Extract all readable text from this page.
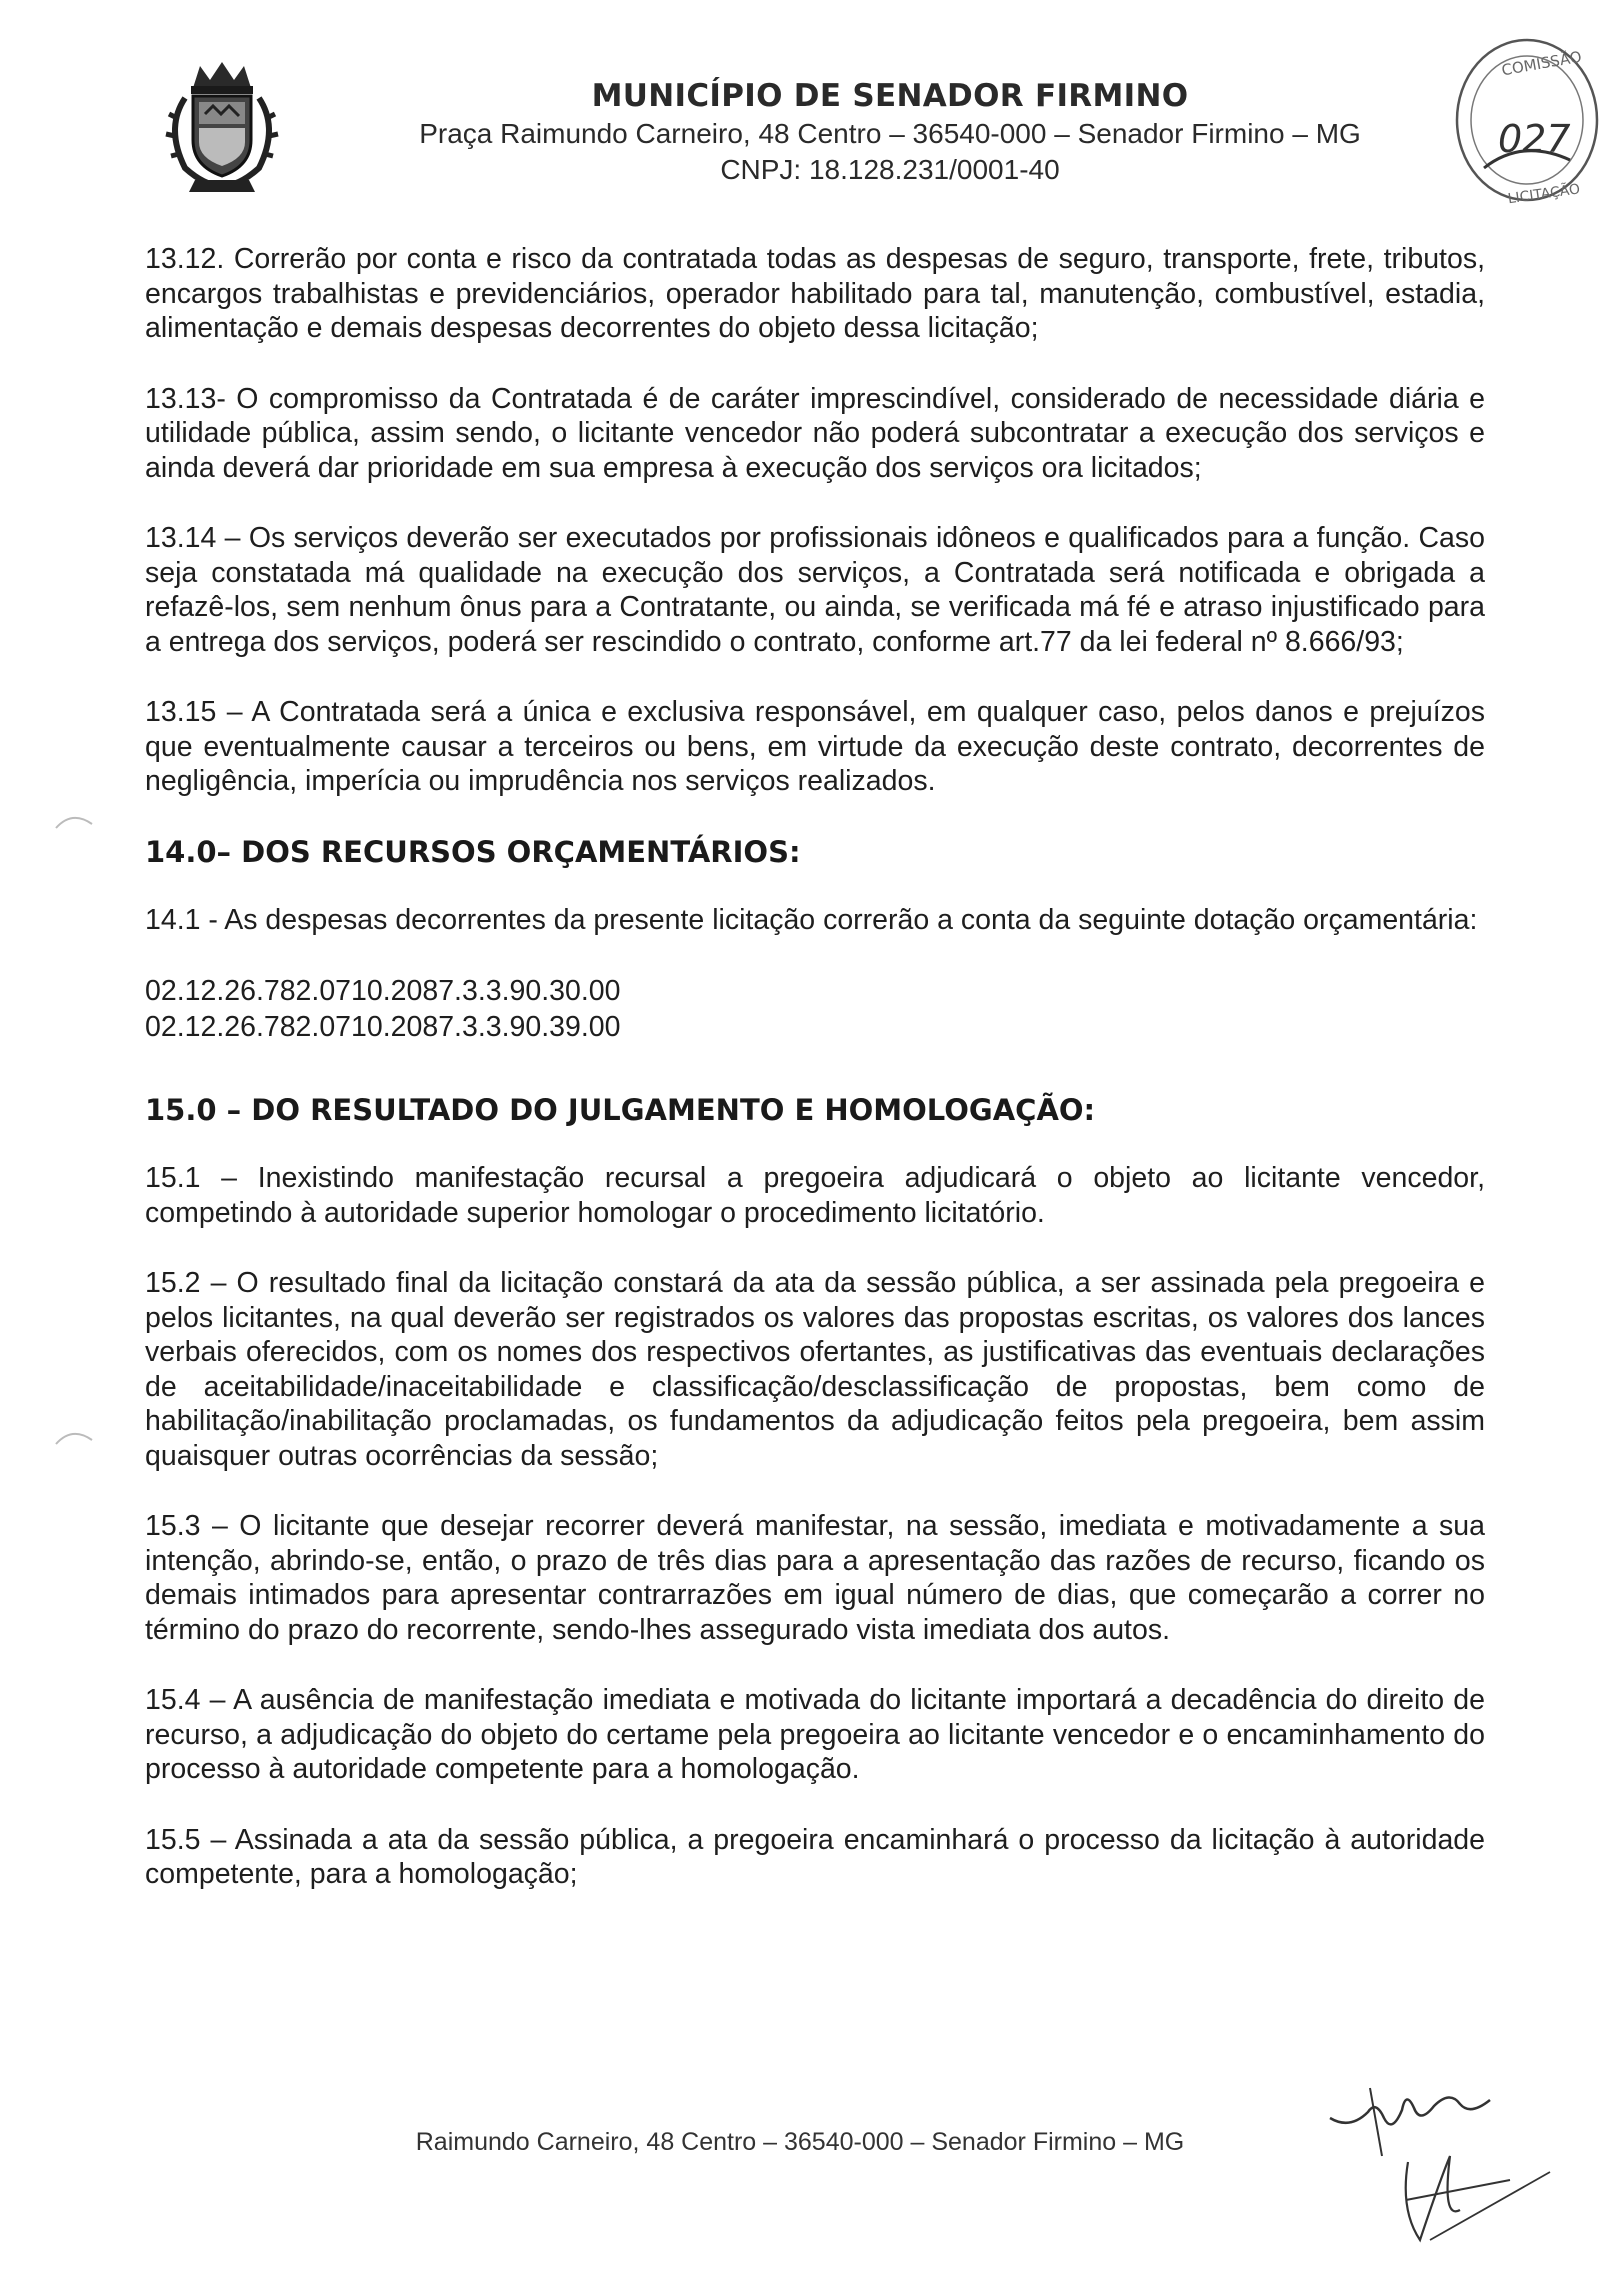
MUNICÍPIO DE SENADOR FIRMINO
Praça Raimundo Carneiro, 48 Centro – 36540-000 – Senador Firmino – MG
CNPJ: 18.128.231/0001-40
COMISSÃO
027
LICITAÇÃO

13.12. Correrão por conta e risco da contratada todas as despesas de seguro, transporte, frete, tributos, encargos trabalhistas e previdenciários, operador habilitado para tal, manutenção, combustível, estadia, alimentação e demais despesas decorrentes do objeto dessa licitação;

13.13- O compromisso da Contratada é de caráter imprescindível, considerado de necessidade diária e utilidade pública, assim sendo, o licitante vencedor não poderá subcontratar a execução dos serviços e ainda deverá dar prioridade em sua empresa à execução dos serviços ora licitados;

13.14 – Os serviços deverão ser executados por profissionais idôneos e qualificados para a função. Caso seja constatada má qualidade na execução dos serviços, a Contratada será notificada e obrigada a refazê-los, sem nenhum ônus para a Contratante, ou ainda, se verificada má fé e atraso injustificado para a entrega dos serviços, poderá ser rescindido o contrato, conforme art.77 da lei federal nº 8.666/93;

13.15 – A Contratada será a única e exclusiva responsável, em qualquer caso, pelos danos e prejuízos que eventualmente causar a terceiros ou bens, em virtude da execução deste contrato, decorrentes de negligência, imperícia ou imprudência nos serviços realizados.

14.0– DOS RECURSOS ORÇAMENTÁRIOS:

14.1 - As despesas decorrentes da presente licitação correrão a conta da seguinte dotação orçamentária:

02.12.26.782.0710.2087.3.3.90.30.00
02.12.26.782.0710.2087.3.3.90.39.00
15.0 – DO RESULTADO DO JULGAMENTO E HOMOLOGAÇÃO:

15.1 – Inexistindo manifestação recursal a pregoeira adjudicará o objeto ao licitante vencedor, competindo à autoridade superior homologar o procedimento licitatório.

15.2 – O resultado final da licitação constará da ata da sessão pública, a ser assinada pela pregoeira e pelos licitantes, na qual deverão ser registrados os valores das propostas escritas, os valores dos lances verbais oferecidos, com os nomes dos respectivos ofertantes, as justificativas das eventuais declarações de aceitabilidade/inaceitabilidade e classificação/desclassificação de propostas, bem como de habilitação/inabilitação proclamadas, os fundamentos da adjudicação feitos pela pregoeira, bem assim quaisquer outras ocorrências da sessão;

15.3 – O licitante que desejar recorrer deverá manifestar, na sessão, imediata e motivadamente a sua intenção, abrindo-se, então, o prazo de três dias para a apresentação das razões de recurso, ficando os demais intimados para apresentar contrarrazões em igual número de dias, que começarão a correr no término do prazo do recorrente, sendo-lhes assegurado vista imediata dos autos.

15.4 – A ausência de manifestação imediata e motivada do licitante importará a decadência do direito de recurso, a adjudicação do objeto do certame pela pregoeira ao licitante vencedor e o encaminhamento do processo à autoridade competente para a homologação.

15.5 – Assinada a ata da sessão pública, a pregoeira encaminhará o processo da licitação à autoridade competente, para a homologação;

Raimundo Carneiro, 48 Centro – 36540-000 – Senador Firmino – MG
